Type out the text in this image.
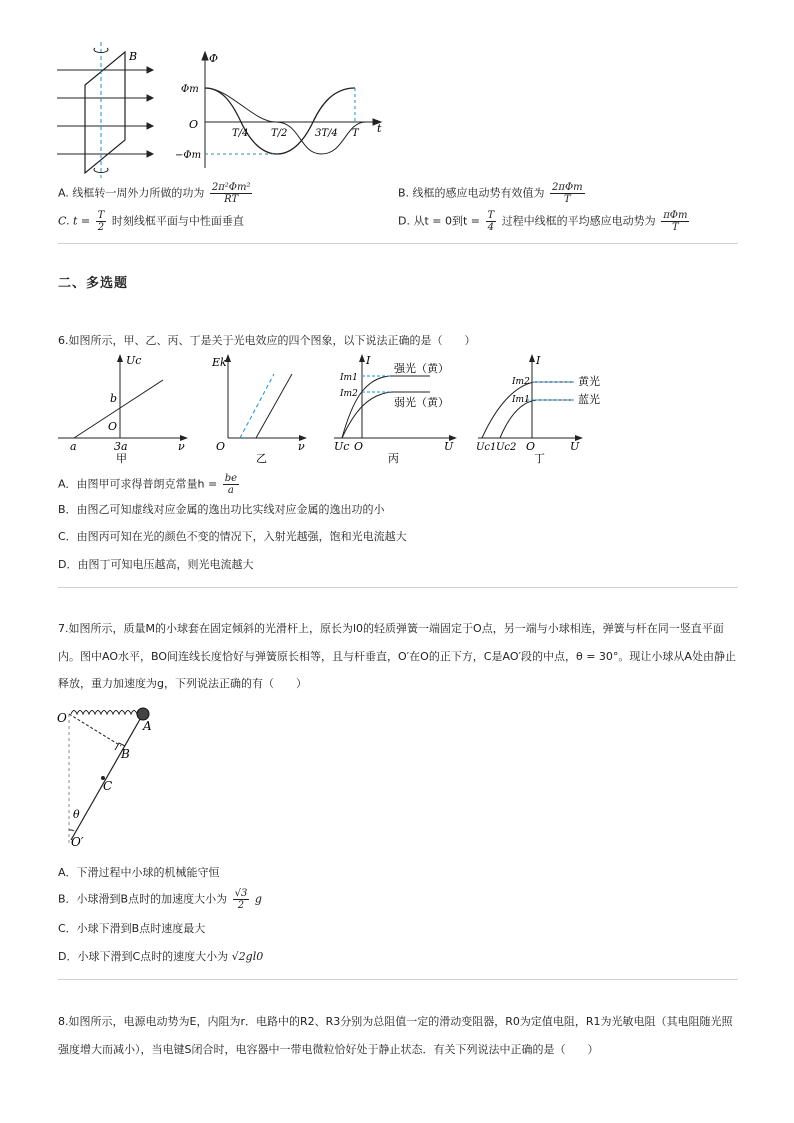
B	Φ
Φm
O
−Φm
t
T/4 T/2	3T/4 T
A. 线框转一周外力所做的功为 $\frac{\text{2π²Φm²}}{RT}$	B. 线框的感应电动势有效值为 $\frac{\text{2πΦm}}{T}$
C. $t = \frac{T}{2}$ 时刻线框平面与中性面垂直	D. 从t = 0到$t = \frac{T}{4}$ 过程中线框的平均感应电动势为 $\frac{\text{πΦm}}{T}$
二、多选题
6.如图所示，甲、乙、丙、丁是关于光电效应的四个图象，以下说法正确的是（　　）
Uc
b
O
a	3a	ν
甲
Ek
O	ν
乙
Im1
Im2
I
强光（黄）
弱光（黄）
Uc O	U
丙
I
Im2
Im1
黄光
蓝光
Uc1 Uc2 O	U
丁
A．由图甲可求得普朗克常量$h = \frac{be}{a}$
B．由图乙可知虚线对应金属的逸出功比实线对应金属的逸出功的小
C．由图丙可知在光的颜色不变的情况下，入射光越强，饱和光电流越大
D．由图丁可知电压越高，则光电流越大
7.如图所示，质量M的小球套在固定倾斜的光滑杆上，原长为l0的轻质弹簧一端固定于O点，另一端与小球相连，弹簧与杆在同一竖直平面
内。图中AO水平，BO间连线长度恰好与弹簧原长相等，且与杆垂直，O′在O的正下方，C是AO′段的中点，θ = 30°。现让小球从A处由静止
释放，重力加速度为g，下列说法正确的有（　　）
O
A
B
C
θ
O′
A．下滑过程中小球的机械能守恒
B．小球滑到B点时的加速度大小为 $\frac{√3}{2}$ g
C．小球下滑到B点时速度最大
D．小球下滑到C点时的速度大小为 √2gl0
8.如图所示，电源电动势为E，内阻为r．电路中的R2、R3分别为总阻值一定的滑动变阻器，R0为定值电阻，R1为光敏电阻（其电阻随光照
强度增大而减小），当电键S闭合时，电容器中一带电微粒恰好处于静止状态．有关下列说法中正确的是（　　）
